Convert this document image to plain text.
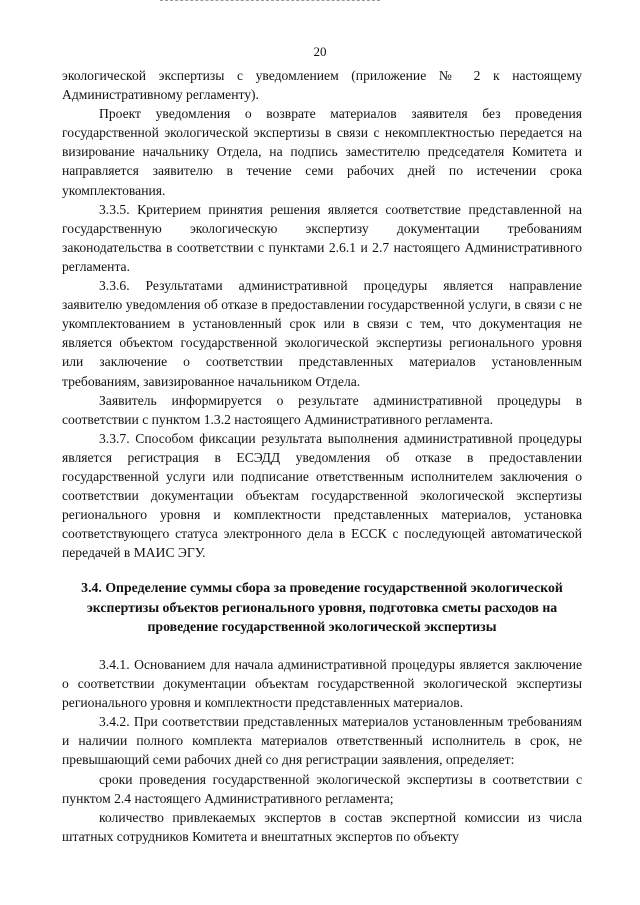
20

экологической экспертизы с уведомлением (приложение № 2 к настоящему Административному регламенту).

Проект уведомления о возврате материалов заявителя без проведения государственной экологической экспертизы в связи с некомплектностью передается на визирование начальнику Отдела, на подпись заместителю председателя Комитета и направляется заявителю в течение семи рабочих дней по истечении срока укомплектования.

3.3.5. Критерием принятия решения является соответствие представленной на государственную экологическую экспертизу документации требованиям законодательства в соответствии с пунктами 2.6.1 и 2.7 настоящего Административного регламента.

3.3.6. Результатами административной процедуры является направление заявителю уведомления об отказе в предоставлении государственной услуги, в связи с не укомплектованием в установленный срок или в связи с тем, что документация не является объектом государственной экологической экспертизы регионального уровня или заключение о соответствии представленных материалов установленным требованиям, завизированное начальником Отдела.

Заявитель информируется о результате административной процедуры в соответствии с пунктом 1.3.2 настоящего Административного регламента.

3.3.7. Способом фиксации результата выполнения административной процедуры является регистрация в ЕСЭДД уведомления об отказе в предоставлении государственной услуги или подписание ответственным исполнителем заключения о соответствии документации объектам государственной экологической экспертизы регионального уровня и комплектности представленных материалов, установка соответствующего статуса электронного дела в ЕССК с последующей автоматической передачей в МАИС ЭГУ.

3.4. Определение суммы сбора за проведение государственной экологической экспертизы объектов регионального уровня, подготовка сметы расходов на проведение государственной экологической экспертизы

3.4.1. Основанием для начала административной процедуры является заключение о соответствии документации объектам государственной экологической экспертизы регионального уровня и комплектности представленных материалов.

3.4.2. При соответствии представленных материалов установленным требованиям и наличии полного комплекта материалов ответственный исполнитель в срок, не превышающий семи рабочих дней со дня регистрации заявления, определяет:

сроки проведения государственной экологической экспертизы в соответствии с пунктом 2.4 настоящего Административного регламента;

количество привлекаемых экспертов в состав экспертной комиссии из числа штатных сотрудников Комитета и внештатных экспертов по объекту
